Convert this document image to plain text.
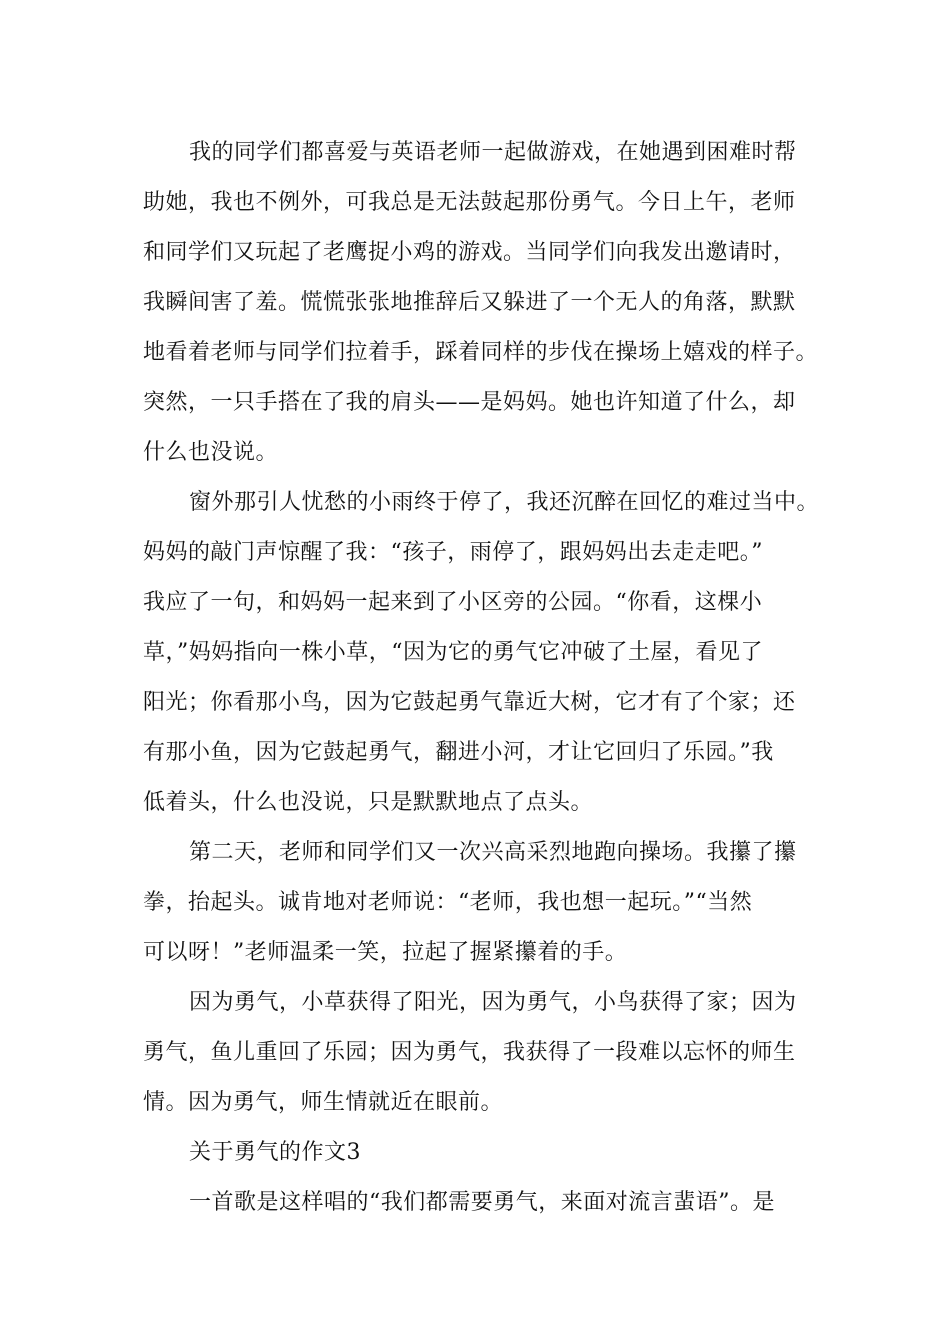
我的同学们都喜爱与英语老师一起做游戏，在她遇到困难时帮
助她，我也不例外，可我总是无法鼓起那份勇气。今日上午，老师
和同学们又玩起了老鹰捉小鸡的游戏。当同学们向我发出邀请时，
我瞬间害了羞。慌慌张张地推辞后又躲进了一个无人的角落，默默
地看着老师与同学们拉着手，踩着同样的步伐在操场上嬉戏的样子。
突然，一只手搭在了我的肩头——是妈妈。她也许知道了什么，却
什么也没说。

窗外那引人忧愁的小雨终于停了，我还沉醉在回忆的难过当中。
妈妈的敲门声惊醒了我：“孩子，雨停了，跟妈妈出去走走吧。”
我应了一句，和妈妈一起来到了小区旁的公园。“你看，这棵小
草，”妈妈指向一株小草，“因为它的勇气它冲破了土屋，看见了
阳光；你看那小鸟，因为它鼓起勇气靠近大树，它才有了个家；还
有那小鱼，因为它鼓起勇气，翻进小河，才让它回归了乐园。”我
低着头，什么也没说，只是默默地点了点头。

第二天，老师和同学们又一次兴高采烈地跑向操场。我攥了攥
拳，抬起头。诚肯地对老师说：“老师，我也想一起玩。”“当然
可以呀！”老师温柔一笑，拉起了握紧攥着的手。

因为勇气，小草获得了阳光，因为勇气，小鸟获得了家；因为
勇气，鱼儿重回了乐园；因为勇气，我获得了一段难以忘怀的师生
情。因为勇气，师生情就近在眼前。

关于勇气的作文3

一首歌是这样唱的“我们都需要勇气，来面对流言蜚语”。是
